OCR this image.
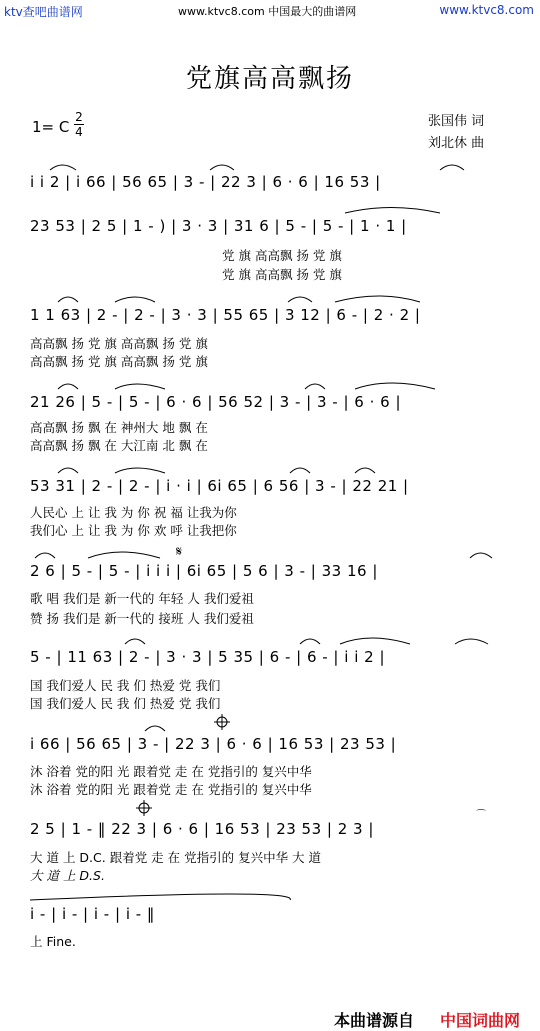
ktv查吧曲谱网	www.ktvc8.com 中国最大的曲谱网	www.ktvc8.com
党旗高高飘扬
1= C
2
4
张国伟 词
刘北休 曲
i i 2 | i 66 | 56 65 | 3 - | 22 3 | 6 · 6 | 16 53 |
23 53 | 2 5 | 1 - ) | 3 · 3 | 31 6 | 5 - | 5 - | 1 · 1 |
党 旗 高高飘 扬 党 旗
党 旗 高高飘 扬 党 旗
1 1 63 | 2 - | 2 - | 3 · 3 | 55 65 | 3 12 | 6 - | 2 · 2 |
高高飘 扬 党 旗 高高飘 扬 党 旗
高高飘 扬 党 旗 高高飘 扬 党 旗
21 26 | 5 - | 5 - | 6 · 6 | 56 52 | 3 - | 3 - | 6 · 6 |
高高飘 扬 飘 在 神州大 地 飘 在
高高飘 扬 飘 在 大江南 北 飘 在
53 31 | 2 - | 2 - | i · i | 6i 65 | 6 56 | 3 - | 22 21 |
人民心 上 让 我 为 你 祝 福 让我为你
我们心 上 让 我 为 你 欢 呼 让我把你
2 6 | 5 - | 5 - | i i i | 6i 65 | 5 6 | 3 - | 33 16 |
歌 唱 我们是 新一代的 年轻 人 我们爱祖
赞 扬 我们是 新一代的 接班 人 我们爱祖
5 - | 11 63 | 2 - | 3 · 3 | 5 35 | 6 - | 6 - | i i 2 |
国 我们爱人 民 我 们 热爱 党 我们
国 我们爱人 民 我 们 热爱 党 我们
i 66 | 56 65 | 3 - | 22 3 | 6 · 6 | 16 53 | 23 53 |
沐 浴着 党的阳 光 跟着党 走 在 党指引的 复兴中华
沐 浴着 党的阳 光 跟着党 走 在 党指引的 复兴中华
2 5 | 1 - ‖ 22 3 | 6 · 6 | 16 53 | 23 53 | 2 3 |
大 道 上 D.C. 跟着党 走 在 党指引的 复兴中华 大 道
大 道 上 D.S.
i - | i - | i - | i - ‖
上 Fine.
𝄋
⌒
本曲谱源自 中国词曲网
